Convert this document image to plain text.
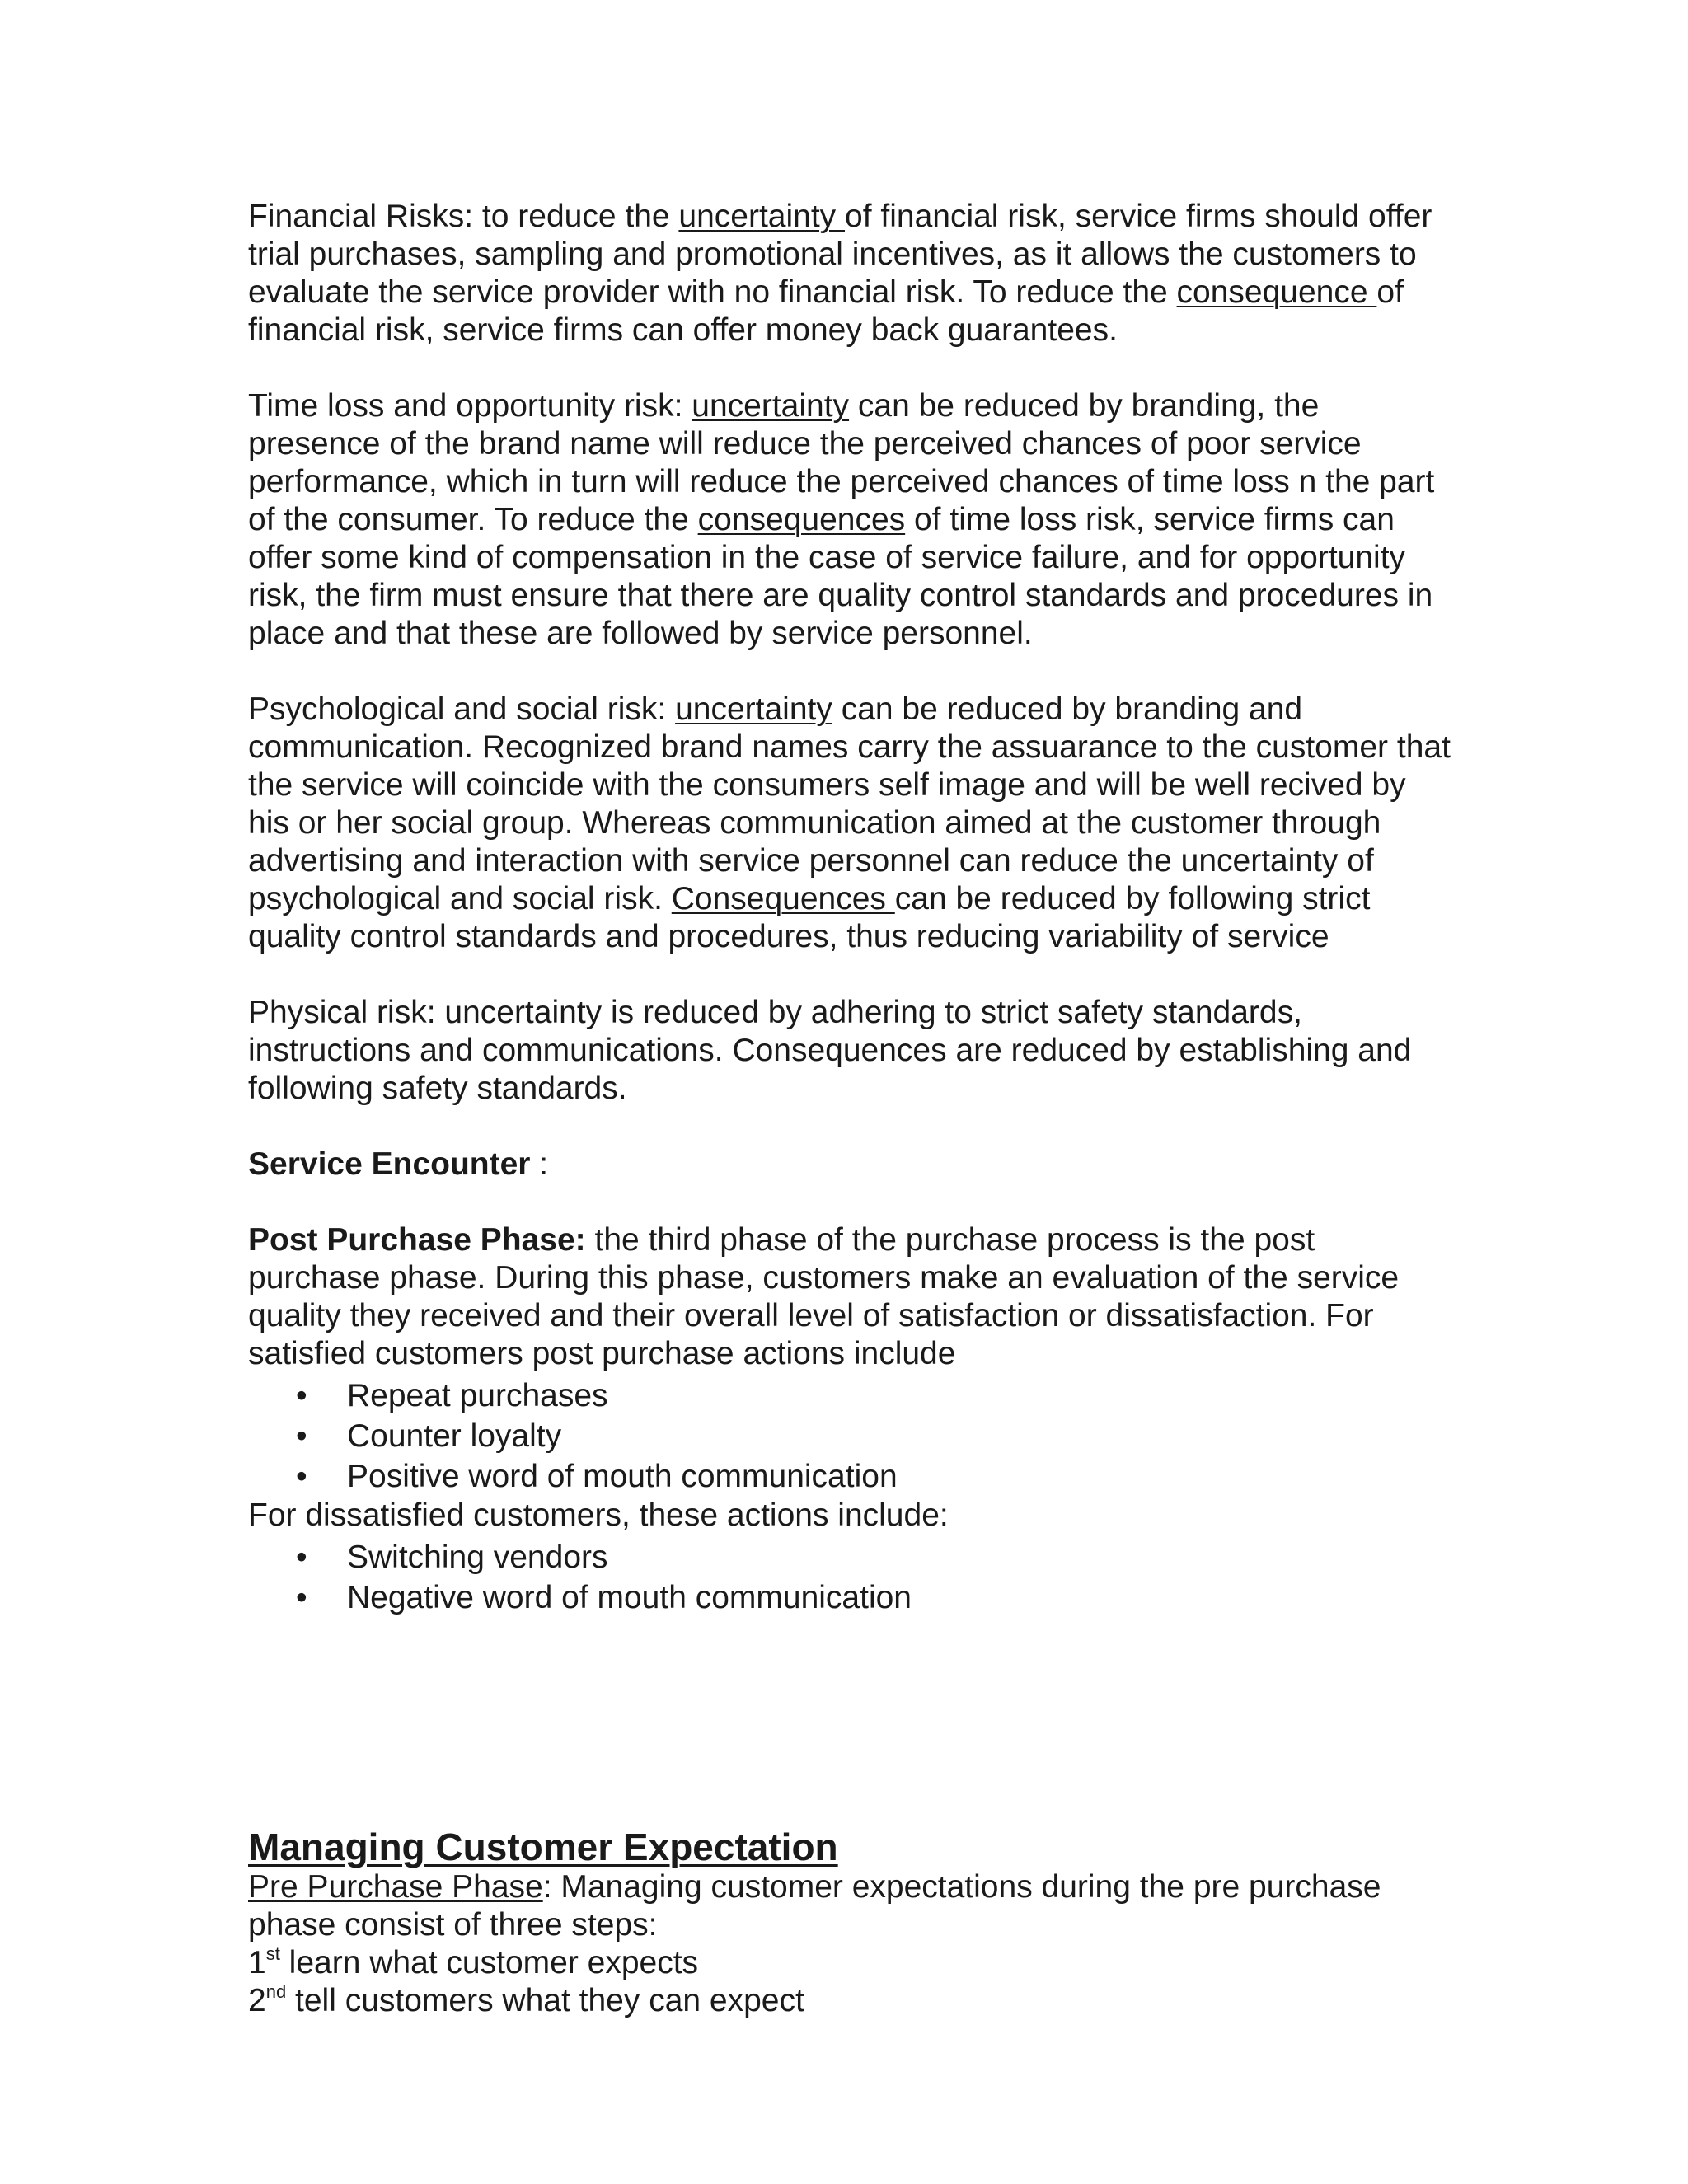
Financial Risks: to reduce the uncertainty of financial risk, service firms should offer trial purchases, sampling and promotional incentives, as it allows the customers to evaluate the service provider with no financial risk. To reduce the consequence of financial risk, service firms can offer money back guarantees.

Time loss and opportunity risk: uncertainty can be reduced by branding, the presence of the brand name will reduce the perceived chances of poor service performance, which in turn will reduce the perceived chances of time loss n the part of the consumer. To reduce the consequences of time loss risk, service firms can offer some kind of compensation in the case of service failure, and for opportunity risk, the firm must ensure that there are quality control standards and procedures in place and that these are followed by service personnel.

Psychological and social risk: uncertainty can be reduced by branding and communication. Recognized brand names carry the assuarance to the customer that the service will coincide with the consumers self image and will be well recived by his or her social group. Whereas communication aimed at the customer through advertising and interaction with service personnel can reduce the uncertainty of psychological and social risk. Consequences can be reduced by following strict quality control standards and procedures, thus reducing variability of service

Physical risk: uncertainty is reduced by adhering to strict safety standards, instructions and communications. Consequences are reduced by establishing and following safety standards.

Service Encounter :

Post Purchase Phase: the third phase of the purchase process is the post purchase phase. During this phase, customers make an evaluation of the service quality they received and their overall level of satisfaction or dissatisfaction. For satisfied customers post purchase actions include

• Repeat purchases
• Counter loyalty
• Positive word of mouth communication

For dissatisfied customers, these actions include:

• Switching vendors
• Negative word of mouth communication
Managing Customer Expectation

Pre Purchase Phase: Managing customer expectations during the pre purchase phase consist of three steps:

1st learn what customer expects

2nd tell customers what they can expect
